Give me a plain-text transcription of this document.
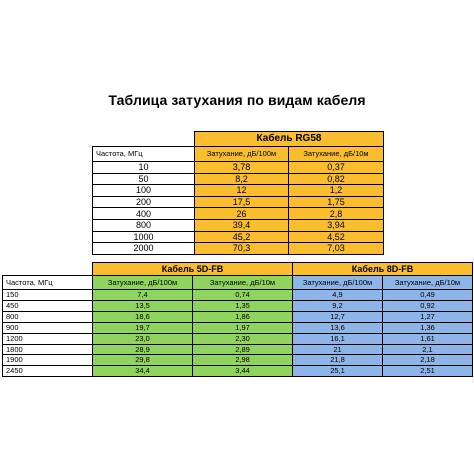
Таблица затухания по видам кабеля
	Кабель RG58	
Частота, МГц	Затухание, дБ/100м	Затухание, дБ/10м
10	3,78	0,37
50	8,2	0,82
100	12	1,2
200	17,5	1,75
400	26	2,8
800	39,4	3,94
1000	45,2	4,52
2000	70,3	7,03
	Кабель 5D-FB		Кабель 8D-FB	
Частота, МГц	Затухание, дБ/100м	Затухание, дБ/10м	Затухание, дБ/100м	Затухание, дБ/10м
150	7,4	0,74	4,9	0,49
450	13,5	1,35	9,2	0,92
800	18,6	1,86	12,7	1,27
900	19,7	1,97	13,6	1,36
1200	23,0	2,30	16,1	1,61
1800	28,9	2,89	21	2,1
1900	29,8	2,98	21,8	2,18
2450	34,4	3,44	25,1	2,51
